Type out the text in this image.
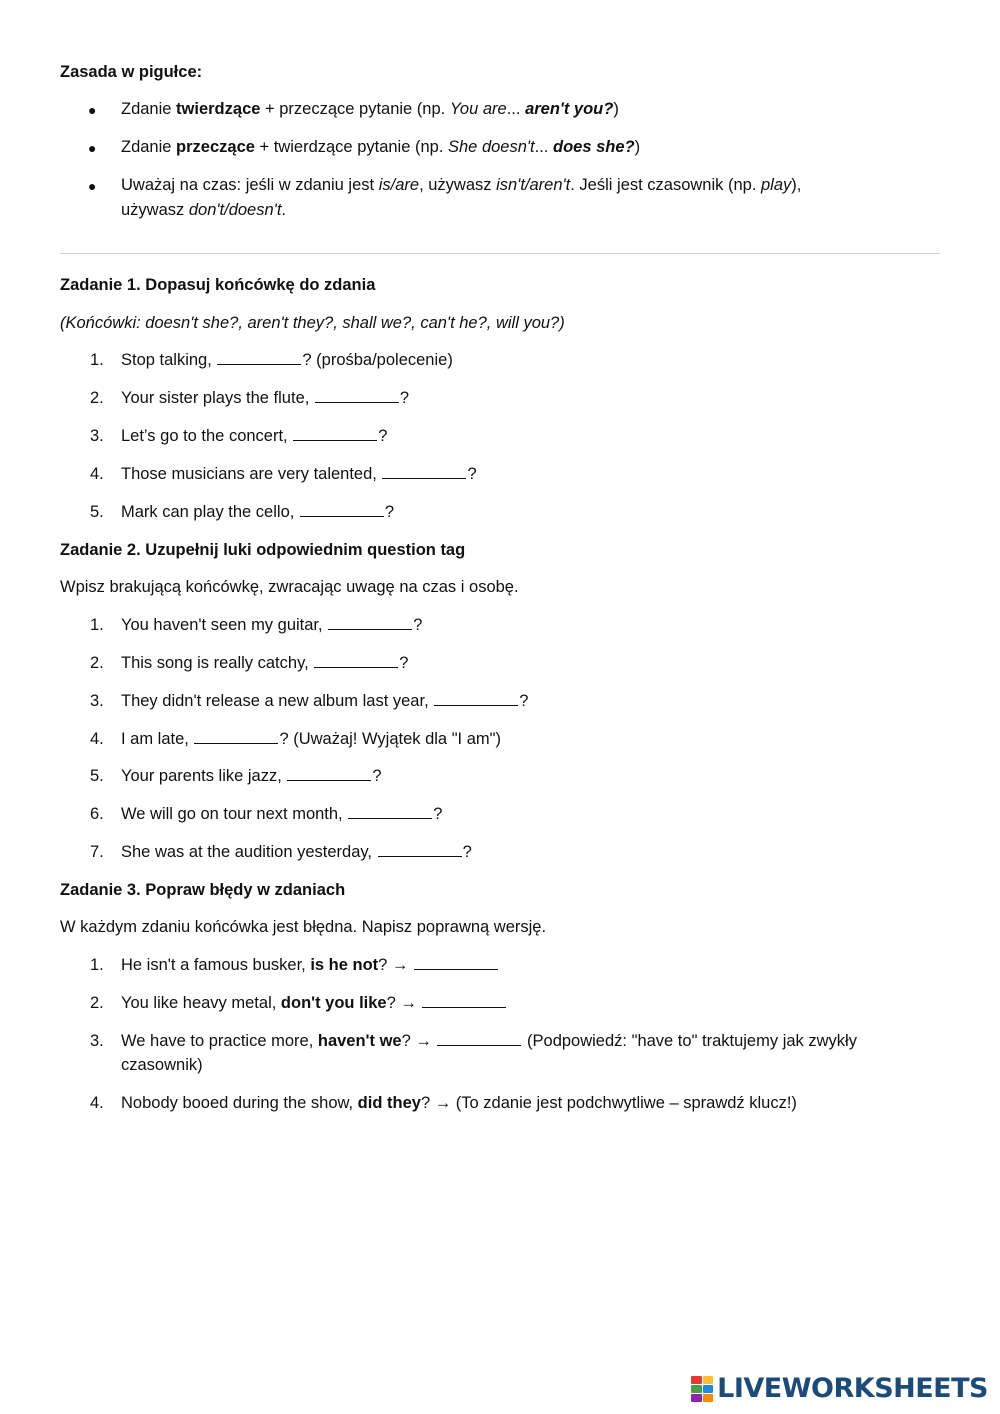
Zasada w pigułce:
● Zdanie twierdzące + przeczące pytanie (np. You are... aren't you?)
● Zdanie przeczące + twierdzące pytanie (np. She doesn't... does she?)
● Uważaj na czas: jeśli w zdaniu jest is/are, używasz isn't/aren't. Jeśli jest czasownik (np. play),
używasz don't/doesn't.
Zadanie 1. Dopasuj końcówkę do zdania
(Końcówki: doesn't she?, aren't they?, shall we?, can't he?, will you?)
1.	Stop talking,	? (prośba/polecenie)
2.	Your sister plays the flute,	?
3.	Let’s go to the concert,	?
4.	Those musicians are very talented,	?
5.	Mark can play the cello,	?
Zadanie 2. Uzupełnij luki odpowiednim question tag
Wpisz brakującą końcówkę, zwracając uwagę na czas i osobę.
1.	You haven't seen my guitar,	?
2.	This song is really catchy,	?
3.	They didn't release a new album last year,	?
4.	I am late,	? (Uważaj! Wyjątek dla "I am")
5.	Your parents like jazz,	?
6.	We will go on tour next month,	?
7.	She was at the audition yesterday,	?
Zadanie 3. Popraw błędy w zdaniach
W każdym zdaniu końcówka jest błędna. Napisz poprawną wersję.
1.	He isn't a famous busker, is he not? →
2.	You like heavy metal, don't you like? →
3.	We have to practice more, haven't we? →	(Podpowiedź: "have to" traktujemy jak zwykły czasownik)
4.	Nobody booed during the show, did they? → (To zdanie jest podchwytliwe – sprawdź klucz!)
LIVEWORKSHEETS
